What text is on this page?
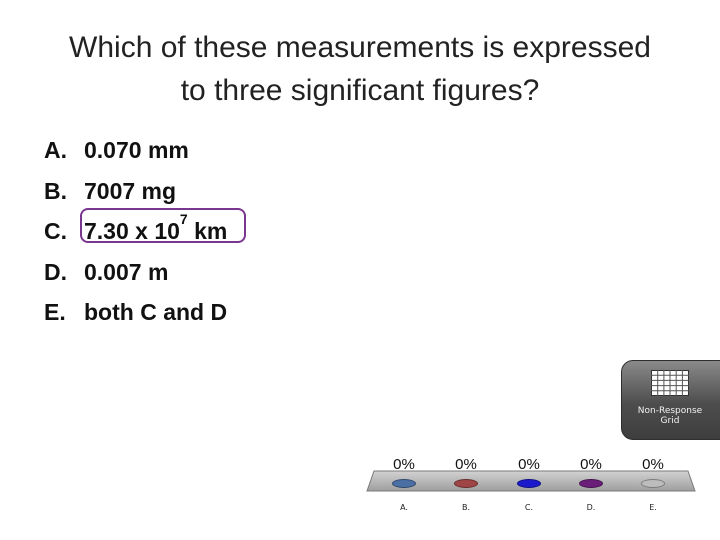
Which of these measurements is expressed
to three significant figures?
A. 0.070 mm
B. 7007 mg
C. 7.30 x $10^7$ km
D. 0.007 m
E. both C and D
Non-Response
Grid
0%
A.
0%
B.
0%
C.
0%
D.
0%
E.
